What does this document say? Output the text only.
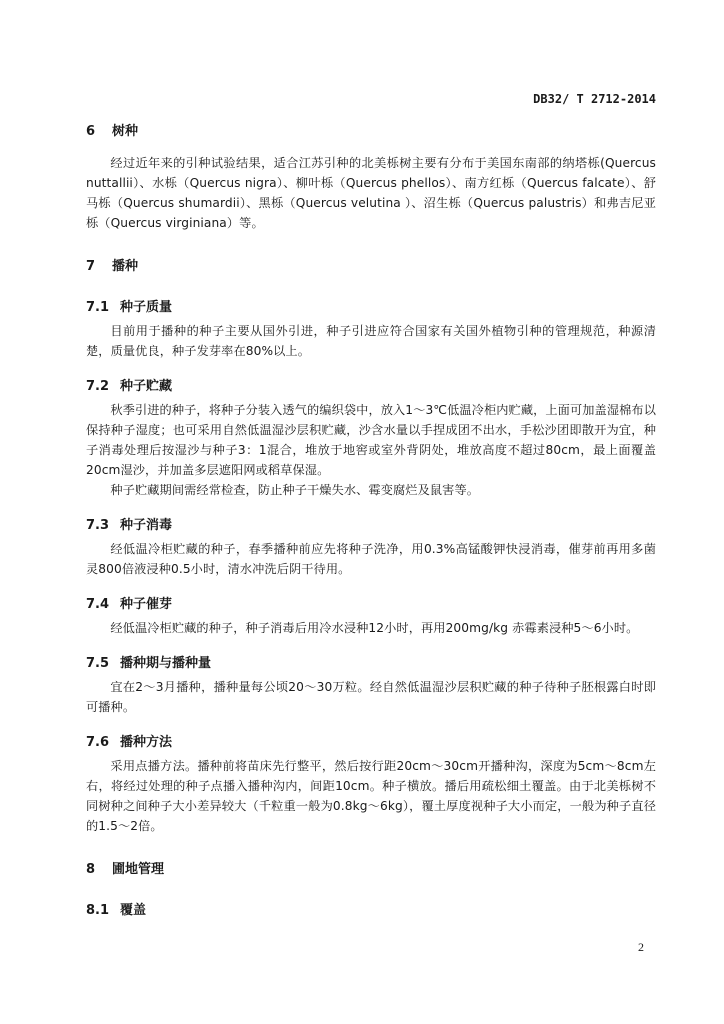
DB32/ T 2712-2014
6 树种

经过近年来的引种试验结果，适合江苏引种的北美栎树主要有分布于美国东南部的纳塔栎(Quercus nuttallii）、水栎（Quercus nigra）、柳叶栎（Quercus phellos）、南方红栎（Quercus falcate）、舒马栎（Quercus shumardii）、黑栎（Quercus velutina ）、沼生栎（Quercus palustris）和弗吉尼亚栎（Quercus virginiana）等。

7 播种
7.1 种子质量

目前用于播种的种子主要从国外引进，种子引进应符合国家有关国外植物引种的管理规范，种源清楚，质量优良，种子发芽率在80%以上。

7.2 种子贮藏

秋季引进的种子，将种子分装入透气的编织袋中，放入1～3℃低温冷柜内贮藏，上面可加盖湿棉布以保持种子湿度；也可采用自然低温湿沙层积贮藏，沙含水量以手捏成团不出水，手松沙团即散开为宜，种子消毒处理后按湿沙与种子3：1混合，堆放于地窖或室外背阴处，堆放高度不超过80cm，最上面覆盖20cm湿沙，并加盖多层遮阳网或稻草保湿。

种子贮藏期间需经常检查，防止种子干燥失水、霉变腐烂及鼠害等。

7.3 种子消毒

经低温冷柜贮藏的种子，春季播种前应先将种子洗净，用0.3%高锰酸钾快浸消毒，催芽前再用多菌灵800倍液浸种0.5小时，清水冲洗后阴干待用。

7.4 种子催芽

经低温冷柜贮藏的种子，种子消毒后用冷水浸种12小时，再用200mg/kg 赤霉素浸种5～6小时。

7.5 播种期与播种量

宜在2～3月播种，播种量每公顷20～30万粒。经自然低温湿沙层积贮藏的种子待种子胚根露白时即可播种。

7.6 播种方法

采用点播方法。播种前将苗床先行整平，然后按行距20cm～30cm开播种沟，深度为5cm～8cm左右，将经过处理的种子点播入播种沟内，间距10cm。种子横放。播后用疏松细土覆盖。由于北美栎树不同树种之间种子大小差异较大（千粒重一般为0.8kg～6kg），覆土厚度视种子大小而定，一般为种子直径的1.5～2倍。

8 圃地管理
8.1 覆盖
2
